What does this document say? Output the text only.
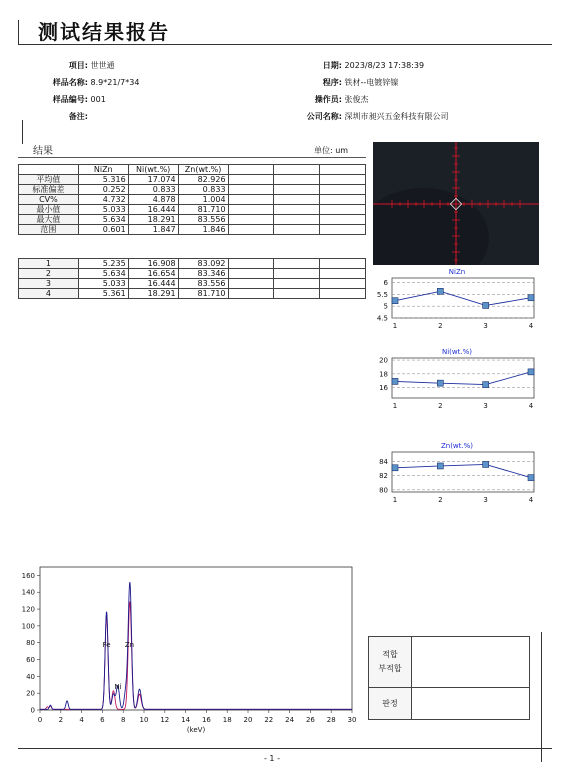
测试结果报告
项目: 世世通
样品名称: 8.9*21/7*34
样品编号: 001
备注:
日期: 2023/8/23 17:38:39
程序: 铁材--电镀锌镍
操作员: 张俊杰
公司名称: 深圳市昶兴五金科技有限公司
结果	单位: um
	NiZn	Ni(wt.%)	Zn(wt.%)			
平均值	5.316	17.074	82.926			
标准偏差	0.252	0.833	0.833			
CV%	4.732	4.878	1.004			
最小值	5.033	16.444	81.710			
最大值	5.634	18.291	83.556			
范围	0.601	1.847	1.846			
1	5.235	16.908	83.092			
2	5.634	16.654	83.346			
3	5.033	16.444	83.556			
4	5.361	18.291	81.710			
NiZn
4.5
5
5.5
6
1	2	3	4
Ni(wt.%)
16
18
20
1	2	3	4
Zn(wt.%)
80
82
84
1	2	3	4
0
20
40
60
80
100
120
140
160
0 2 4 6 8 10 12 14 16 18 20 22 24 26 28 30
(keV)
Fe Zn
Ni
적합
부적합	

판정	
- 1 -
